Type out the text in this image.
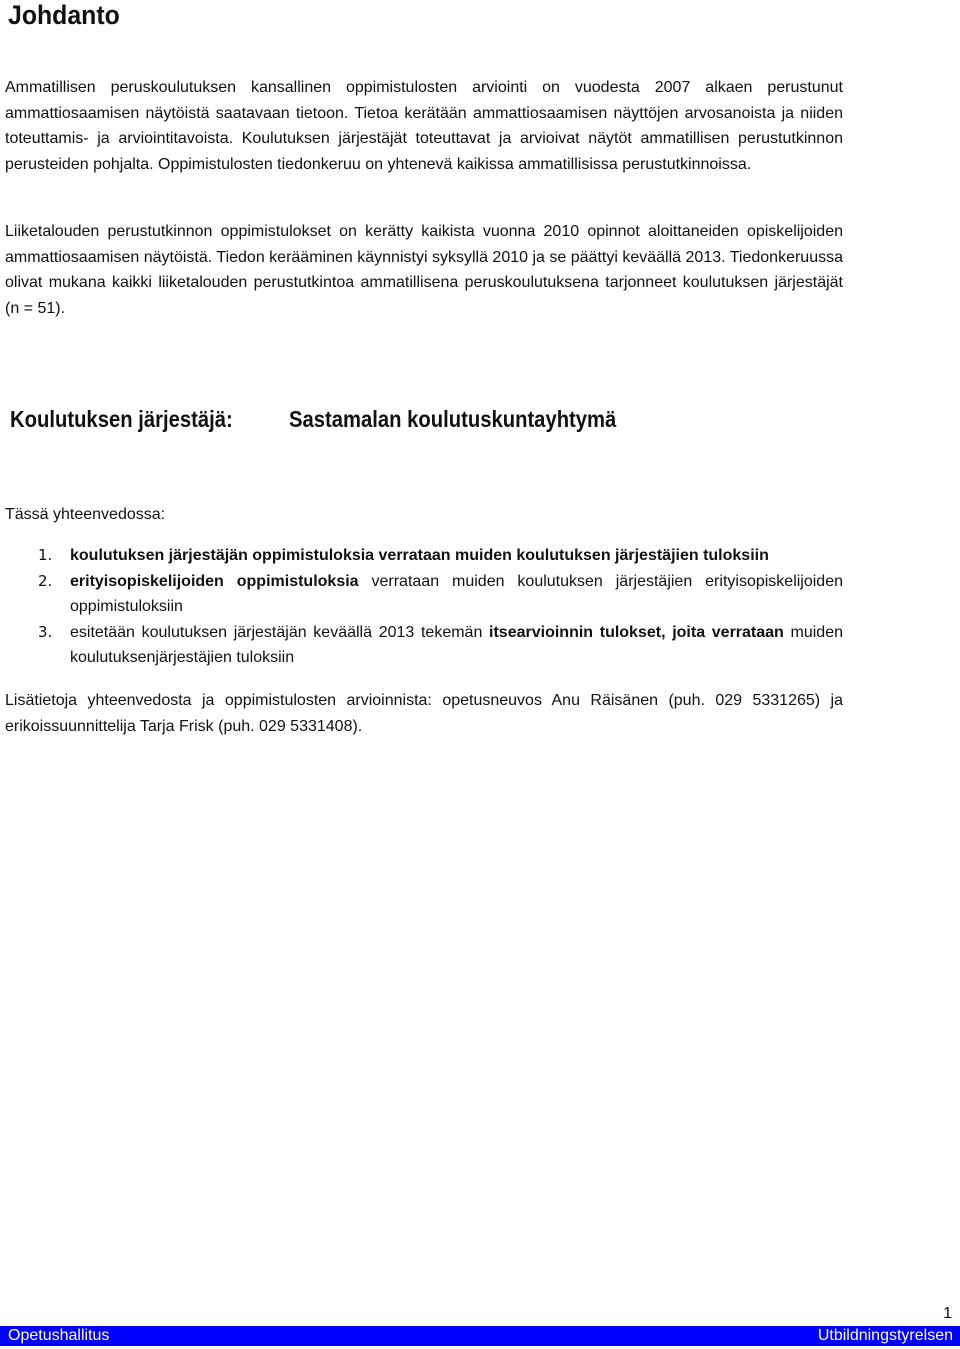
Johdanto

Ammatillisen peruskoulutuksen kansallinen oppimistulosten arviointi on vuodesta 2007 alkaen perustunut ammattiosaamisen näytöistä saatavaan tietoon. Tietoa kerätään ammattiosaamisen näyttöjen arvosanoista ja niiden toteuttamis- ja arviointitavoista. Koulutuksen järjestäjät toteuttavat ja arvioivat näytöt ammatillisen perustutkinnon perusteiden pohjalta. Oppimistulosten tiedonkeruu on yhtenevä kaikissa ammatillisissa perustutkinnoissa.

Liiketalouden perustutkinnon oppimistulokset on kerätty kaikista vuonna 2010 opinnot aloittaneiden opiskelijoiden ammattiosaamisen näytöistä. Tiedon kerääminen käynnistyi syksyllä 2010 ja se päättyi keväällä 2013. Tiedonkeruussa olivat mukana kaikki liiketalouden perustutkintoa ammatillisena peruskoulutuksena tarjonneet koulutuksen järjestäjät (n = 51).

Koulutuksen järjestäjä: Sastamalan koulutuskuntayhtymä

Tässä yhteenvedossa:

1. koulutuksen järjestäjän oppimistuloksia verrataan muiden koulutuksen järjestäjien tuloksiin
2. erityisopiskelijoiden oppimistuloksia verrataan muiden koulutuksen järjestäjien erityisopiskelijoiden oppimistuloksiin
3. esitetään koulutuksen järjestäjän keväällä 2013 tekemän itsearvioinnin tulokset, joita verrataan muiden koulutuksenjärjestäjien tuloksiin

Lisätietoja yhteenvedosta ja oppimistulosten arvioinnista: opetusneuvos Anu Räisänen (puh. 029 5331265) ja erikoissuunnittelija Tarja Frisk (puh. 029 5331408).

1
Opetushallitus	Utbildningstyrelsen
